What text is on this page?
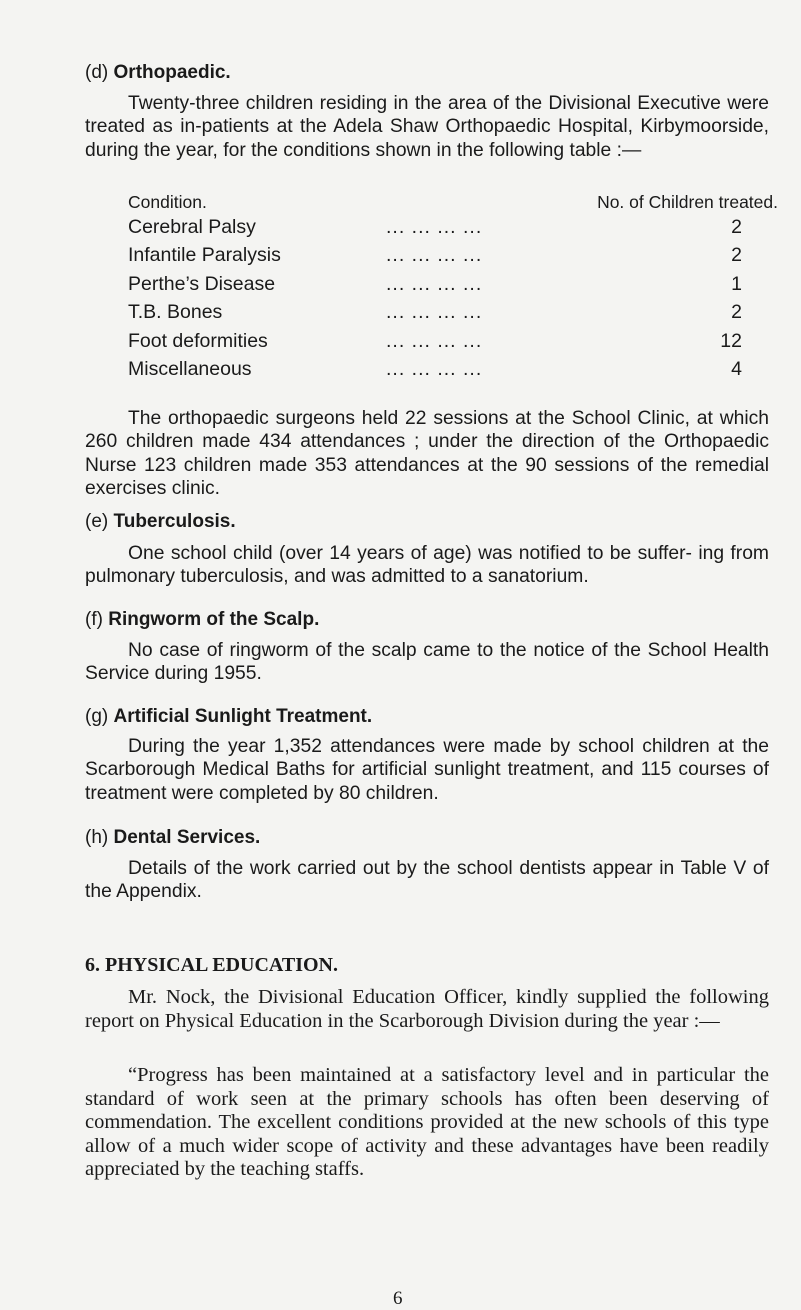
(d) Orthopaedic.

Twenty-three children residing in the area of the Divisional Executive were treated as in-patients at the Adela Shaw Orthopaedic Hospital, Kirbymoorside, during the year, for the conditions shown in the following table :—

Condition.	No. of Children treated.
Cerebral Palsy	... ... ... ...	2
Infantile Paralysis	... ... ... ...	2
Perthe’s Disease	... ... ... ...	1
T.B. Bones	... ... ... ...	2
Foot deformities	... ... ... ...	12
Miscellaneous	... ... ... ...	4

The orthopaedic surgeons held 22 sessions at the School Clinic, at which 260 children made 434 attendances ; under the direction of the Orthopaedic Nurse 123 children made 353 attendances at the 90 sessions of the remedial exercises clinic.

(e) Tuberculosis.

One school child (over 14 years of age) was notified to be suffer- ing from pulmonary tuberculosis, and was admitted to a sanatorium.

(f) Ringworm of the Scalp.

No case of ringworm of the scalp came to the notice of the School Health Service during 1955.

(g) Artificial Sunlight Treatment.

During the year 1,352 attendances were made by school children at the Scarborough Medical Baths for artificial sunlight treatment, and 115 courses of treatment were completed by 80 children.

(h) Dental Services.

Details of the work carried out by the school dentists appear in Table V of the Appendix.

6. PHYSICAL EDUCATION.

Mr. Nock, the Divisional Education Officer, kindly supplied the following report on Physical Education in the Scarborough Division during the year :—

“Progress has been maintained at a satisfactory level and in particular the standard of work seen at the primary schools has often been deserving of commendation. The excellent conditions provided at the new schools of this type allow of a much wider scope of activity and these advantages have been readily appreciated by the teaching staffs.

6
